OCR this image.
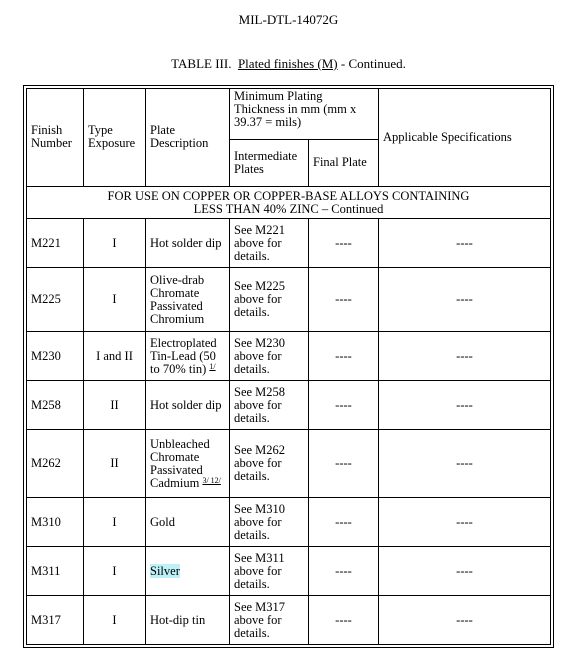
MIL-DTL-14072G
TABLE III. Plated finishes (M) - Continued.
Finish Number	Type Exposure	Plate Description	Minimum Plating Thickness in mm (mm x 39.37 = mils)		Applicable Specifications
			Intermediate Plates	Final Plate	

FOR USE ON COPPER OR COPPER-BASE ALLOYS CONTAINING
LESS THAN 40% ZINC – Continued					

M221	I	Hot solder dip	See M221 above for details.	----	----
M225	I	Olive-drab Chromate Passivated Chromium	See M225 above for details.	----	----
M230	I and II	Electroplated Tin-Lead (50 to 70% tin) $^{1/}$	See M230 above for details.	----	----
M258	II	Hot solder dip	See M258 above for details.	----	----
M262	II	Unbleached Chromate Passivated Cadmium $^{3/ 12/}$	See M262 above for details.	----	----
M310	I	Gold	See M310 above for details.	----	----
M311	I	Silver	See M311 above for details.	----	----
M317	I	Hot-dip tin	See M317 above for details.	----	----
